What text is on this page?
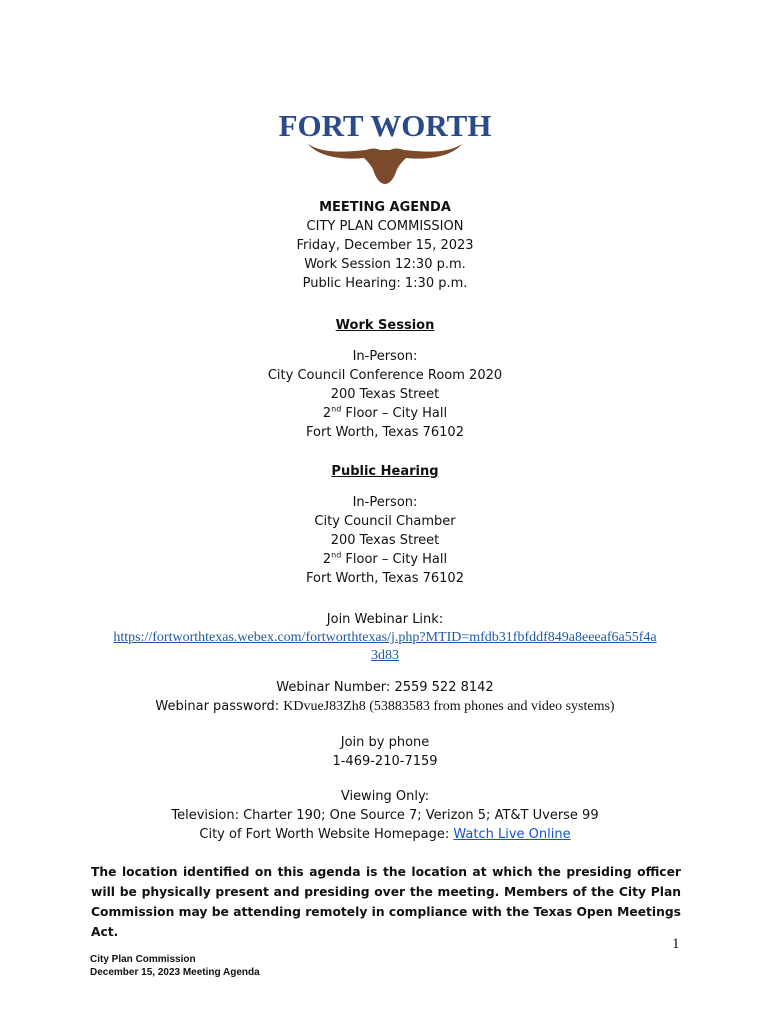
FORT WORTH
MEETING AGENDA
CITY PLAN COMMISSION
Friday, December 15, 2023
Work Session 12:30 p.m.
Public Hearing: 1:30 p.m.
Work Session
In-Person:
City Council Conference Room 2020
200 Texas Street
2nd Floor – City Hall
Fort Worth, Texas 76102
Public Hearing
In-Person:
City Council Chamber
200 Texas Street
2nd Floor – City Hall
Fort Worth, Texas 76102
Join Webinar Link:
https://fortworthtexas.webex.com/fortworthtexas/j.php?MTID=mfdb31fbfddf849a8eeeaf6a55f4a
3d83
Webinar Number: 2559 522 8142
Webinar password: KDvueJ83Zh8 (53883583 from phones and video systems)
Join by phone
1-469-210-7159
Viewing Only:
Television: Charter 190; One Source 7; Verizon 5; AT&T Uverse 99
City of Fort Worth Website Homepage: Watch Live Online
The location identified on this agenda is the location at which the presiding officer will be physically present and presiding over the meeting. Members of the City Plan Commission may be attending remotely in compliance with the Texas Open Meetings Act.
1
City Plan Commission
December 15, 2023 Meeting Agenda
